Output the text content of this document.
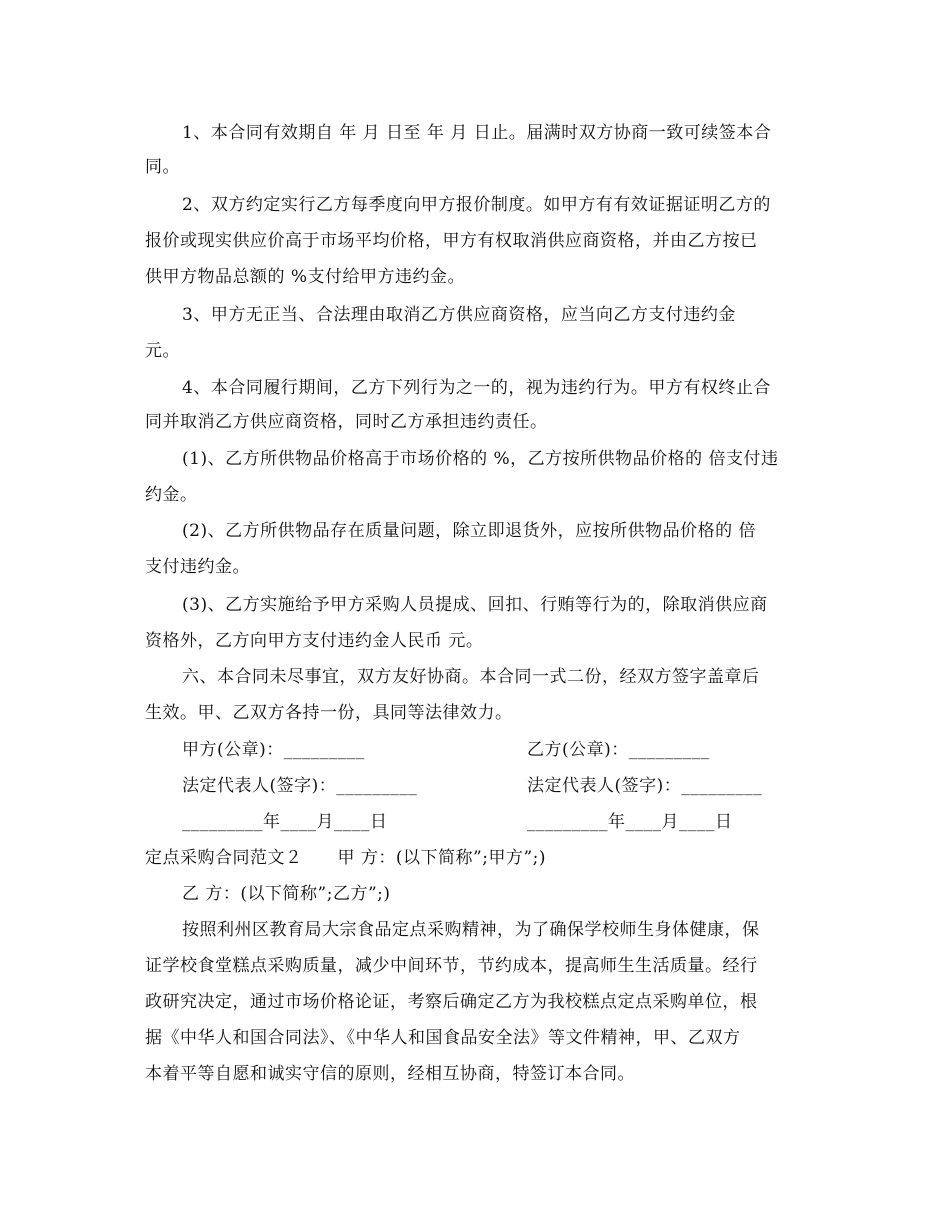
1、本合同有效期自 年 月 日至 年 月 日止。届满时双方协商一致可续签本合
同。
2、双方约定实行乙方每季度向甲方报价制度。如甲方有有效证据证明乙方的
报价或现实供应价高于市场平均价格，甲方有权取消供应商资格，并由乙方按已
供甲方物品总额的 %支付给甲方违约金。
3、甲方无正当、合法理由取消乙方供应商资格，应当向乙方支付违约金
元。
4、本合同履行期间，乙方下列行为之一的，视为违约行为。甲方有权终止合
同并取消乙方供应商资格，同时乙方承担违约责任。
(1)、乙方所供物品价格高于市场价格的 %，乙方按所供物品价格的 倍支付违
约金。
(2)、乙方所供物品存在质量问题，除立即退货外，应按所供物品价格的 倍
支付违约金。
(3)、乙方实施给予甲方采购人员提成、回扣、行贿等行为的，除取消供应商
资格外，乙方向甲方支付违约金人民币 元。
六、本合同未尽事宜，双方友好协商。本合同一式二份，经双方签字盖章后
生效。甲、乙双方各持一份，具同等法律效力。
甲方(公章)：_________	乙方(公章)：_________
法定代表人(签字)：_________	法定代表人(签字)：_________
_________年____月____日	_________年____月____日
定点采购合同范文２　　甲 方：(以下简称”;甲方”;)
乙 方：(以下简称”;乙方”;)
按照利州区教育局大宗食品定点采购精神，为了确保学校师生身体健康，保
证学校食堂糕点采购质量，减少中间环节，节约成本，提高师生生活质量。经行
政研究决定，通过市场价格论证，考察后确定乙方为我校糕点定点采购单位，根
据《中华人和国合同法》、《中华人和国食品安全法》等文件精神，甲、乙双方
本着平等自愿和诚实守信的原则，经相互协商，特签订本合同。
